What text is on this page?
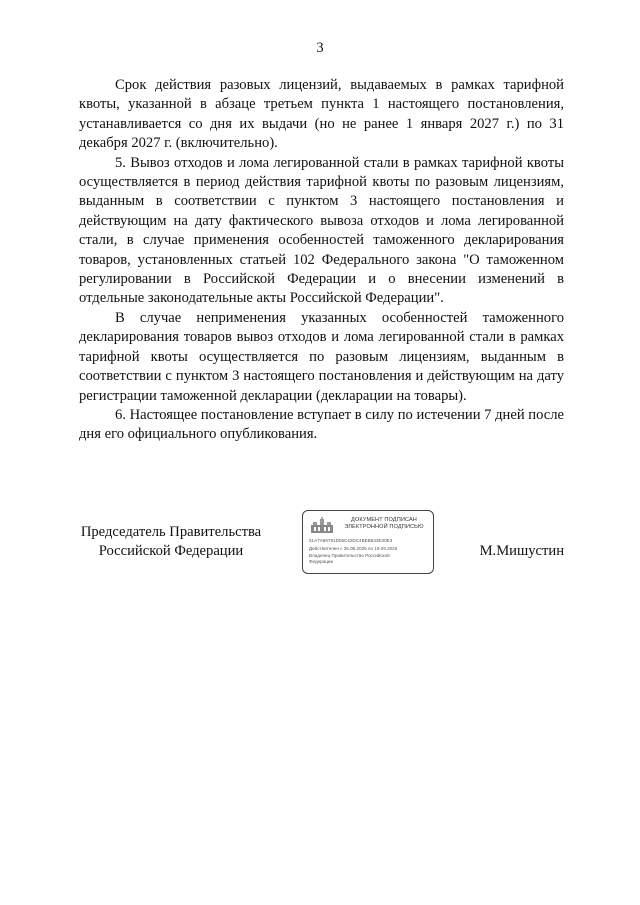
3

Срок действия разовых лицензий, выдаваемых в рамках тарифной квоты, указанной в абзаце третьем пункта 1 настоящего постановления, устанавливается со дня их выдачи (но не ранее 1 января 2027 г.) по 31 декабря 2027 г. (включительно).

5. Вывоз отходов и лома легированной стали в рамках тарифной квоты осуществляется в период действия тарифной квоты по разовым лицензиям, выданным в соответствии с пунктом 3 настоящего постановления и действующим на дату фактического вывоза отходов и лома легированной стали, в случае применения особенностей таможенного декларирования товаров, установленных статьей 102 Федерального закона "О таможенном регулировании в Российской Федерации и о внесении изменений в отдельные законодательные акты Российской Федерации".

В случае неприменения указанных особенностей таможенного декларирования товаров вывоз отходов и лома легированной стали в рамках тарифной квоты осуществляется по разовым лицензиям, выданным в соответствии с пунктом 3 настоящего постановления и действующим на дату регистрации таможенной декларации (декларации на товары).

6. Настоящее постановление вступает в силу по истечении 7 дней после дня его официального опубликования.

Председатель Правительства
Российской Федерации
ДОКУМЕНТ ПОДПИСАН
ЭЛЕКТРОННОЙ ПОДПИСЬЮ
51A7A86781D06C42DC4BEB643E30E3
Действителен с 26.06.2025 по 19.09.2026
Владелец Правительство Российской
Федерации
М.Мишустин
